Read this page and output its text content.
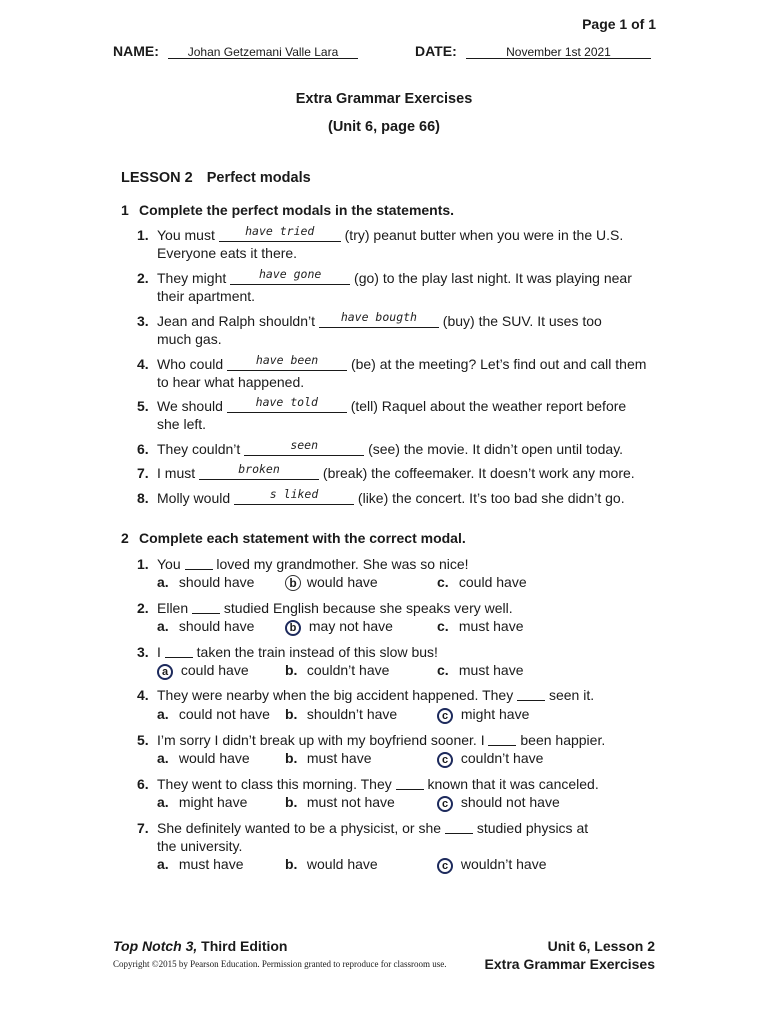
Page 1 of 1
NAME:	Johan Getzemani Valle Lara	DATE:	November 1st 2021
Extra Grammar Exercises
(Unit 6, page 66)
LESSON 2 Perfect modals
1 Complete the perfect modals in the statements.
1. You must	have tried	(try) peanut butter when you were in the U.S.
Everyone eats it there.
2. They might	have gone	(go) to the play last night. It was playing near
their apartment.
3. Jean and Ralph shouldn’t	have bougth	(buy) the SUV. It uses too
much gas.
4. Who could	have been	(be) at the meeting? Let’s find out and call them
to hear what happened.
5. We should	have told	(tell) Raquel about the weather report before
she left.
6. They couldn’t	seen	(see) the movie. It didn’t open until today.
7. I must	broken	(break) the coffeemaker. It doesn’t work any more.
8. Molly would	s liked	(like) the concert. It’s too bad she didn’t go.
2 Complete each statement with the correct modal.
1. You	loved my grandmother. She was so nice!
a. should have	b would have	c. could have
2. Ellen	studied English because she speaks very well.
a. should have	b may not have	c. must have
3. I	taken the train instead of this slow bus!
a could have	b. couldn’t have	c. must have
4. They were nearby when the big accident happened. They	seen it.
a. could not have b. shouldn’t have	c might have
5. I’m sorry I didn’t break up with my boyfriend sooner. I	been happier.
a. would have	b. must have	c couldn’t have
6. They went to class this morning. They	known that it was canceled.
a. might have	b. must not have	c should not have
7. She definitely wanted to be a physicist, or she	studied physics at
the university.
a. must have	b. would have	c wouldn’t have
Top Notch 3, Third Edition
Copyright ©2015 by Pearson Education. Permission granted to reproduce for classroom use.
Unit 6, Lesson 2
Extra Grammar Exercises
